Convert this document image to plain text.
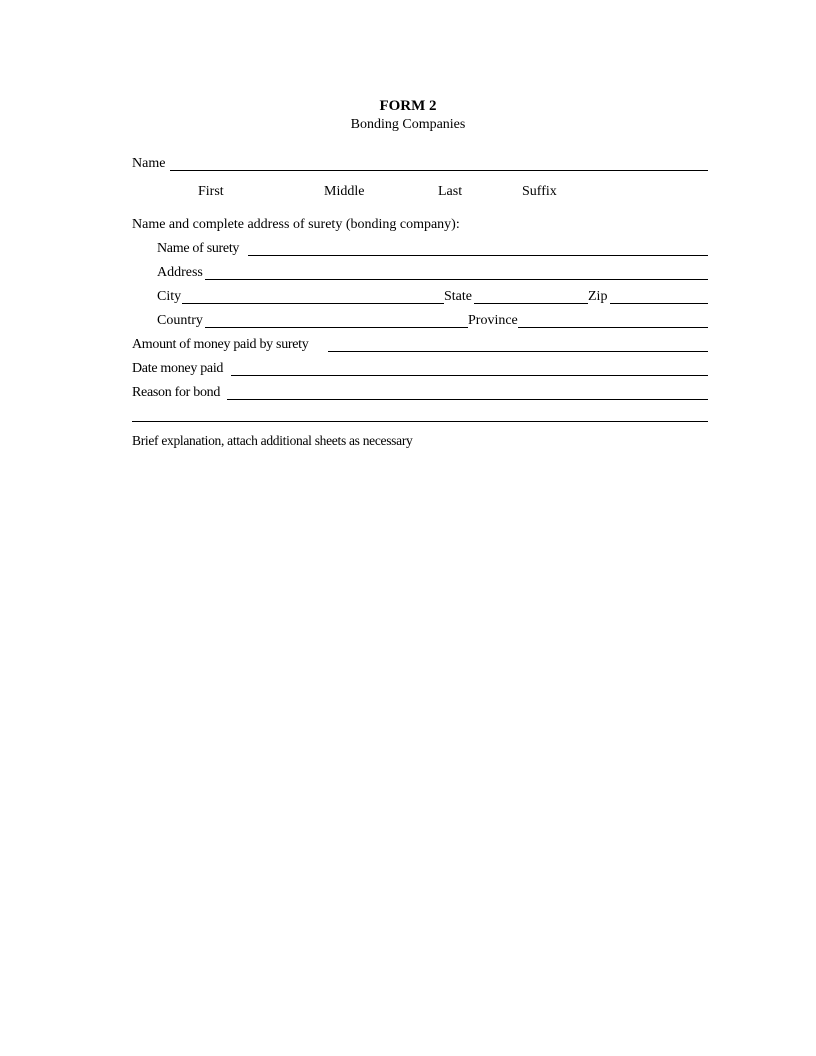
FORM 2
Bonding Companies
Name
First	Middle	Last	Suffix
Name and complete address of surety (bonding company):
Name of surety
Address
City	State	Zip
Country	Province
Amount of money paid by surety
Date money paid
Reason for bond
Brief explanation, attach additional sheets as necessary
